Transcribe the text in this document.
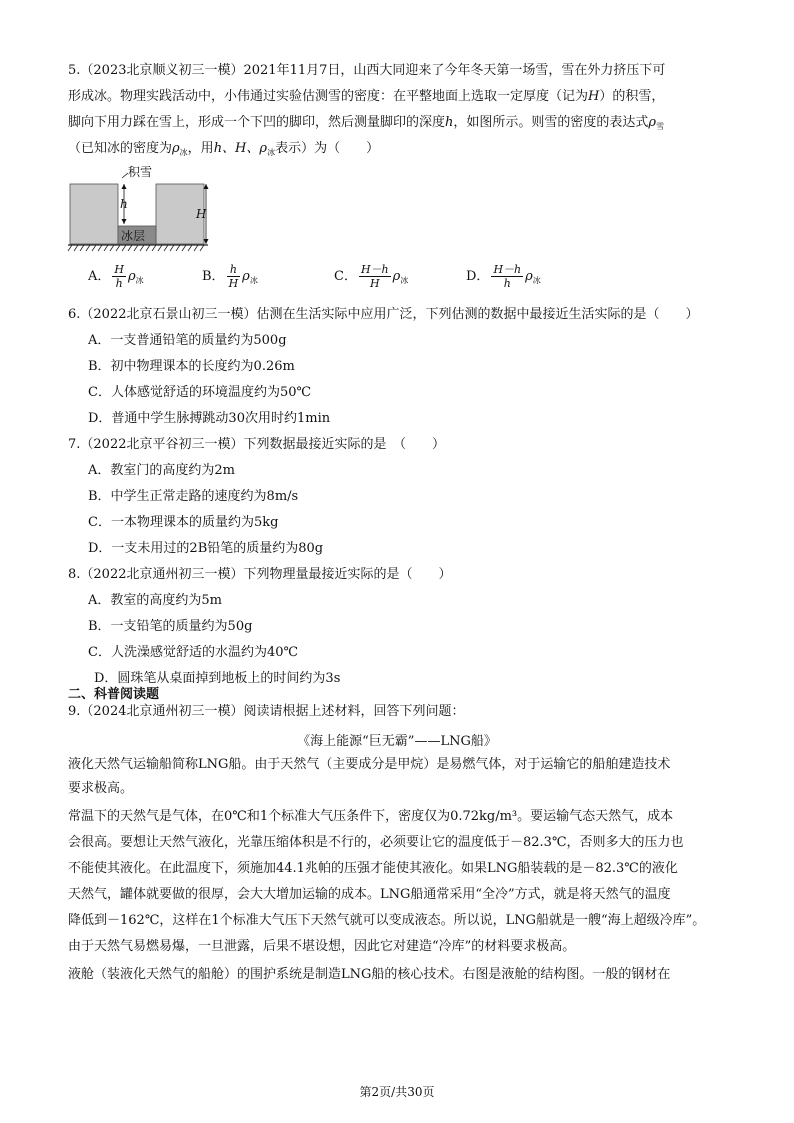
5.（2023北京顺义初三一模）2021年11月7日，山西大同迎来了今年冬天第一场雪，雪在外力挤压下可
形成冰。物理实践活动中，小伟通过实验估测雪的密度：在平整地面上选取一定厚度（记为H）的积雪，
脚向下用力踩在雪上，形成一个下凹的脚印，然后测量脚印的深度h，如图所示。则雪的密度的表达式$\rho_雪$
（已知冰的密度为$\rho_冰$，用h、H、$\rho_冰$表示）为（　　）
积雪
冰层
h
H
A． $\frac{H}{h} \rho_冰$	B． $\frac{h}{H} \rho_冰$	C． $\frac{H-h}{H} \rho_冰$	D． $\frac{H-h}{h} \rho_冰$
6.（2022北京石景山初三一模）估测在生活实际中应用广泛，下列估测的数据中最接近生活实际的是（　　）
A．一支普通铅笔的质量约为500g
B．初中物理课本的长度约为0.26m
C．人体感觉舒适的环境温度约为50℃
D．普通中学生脉搏跳动30次用时约1min
7.（2022北京平谷初三一模）下列数据最接近实际的是　（　　）
A．教室门的高度约为2m
B．中学生正常走路的速度约为8m/s
C．一本物理课本的质量约为5kg
D．一支未用过的2B铅笔的质量约为80g
8.（2022北京通州初三一模）下列物理量最接近实际的是（　　）
A．教室的高度约为5m
B．一支铅笔的质量约为50g
C．人洗澡感觉舒适的水温约为40℃
D．圆珠笔从桌面掉到地板上的时间约为3s
二、科普阅读题
9.（2024北京通州初三一模）阅读请根据上述材料，回答下列问题：
《海上能源“巨无霸”——LNG船》
液化天然气运输船简称LNG船。由于天然气（主要成分是甲烷）是易燃气体，对于运输它的船舶建造技术
要求极高。
常温下的天然气是气体，在0℃和1个标准大气压条件下，密度仅为0.72kg/m³。要运输气态天然气，成本
会很高。要想让天然气液化，光靠压缩体积是不行的，必须要让它的温度低于－82.3℃，否则多大的压力也
不能使其液化。在此温度下，须施加44.1兆帕的压强才能使其液化。如果LNG船装载的是－82.3℃的液化
天然气，罐体就要做的很厚，会大大增加运输的成本。LNG船通常采用“全冷”方式，就是将天然气的温度
降低到－162℃，这样在1个标准大气压下天然气就可以变成液态。所以说，LNG船就是一艘“海上超级冷库”。
由于天然气易燃易爆，一旦泄露，后果不堪设想，因此它对建造“冷库”的材料要求极高。
液舱（装液化天然气的船舱）的围护系统是制造LNG船的核心技术。右图是液舱的结构图。一般的钢材在
第2页/共30页
